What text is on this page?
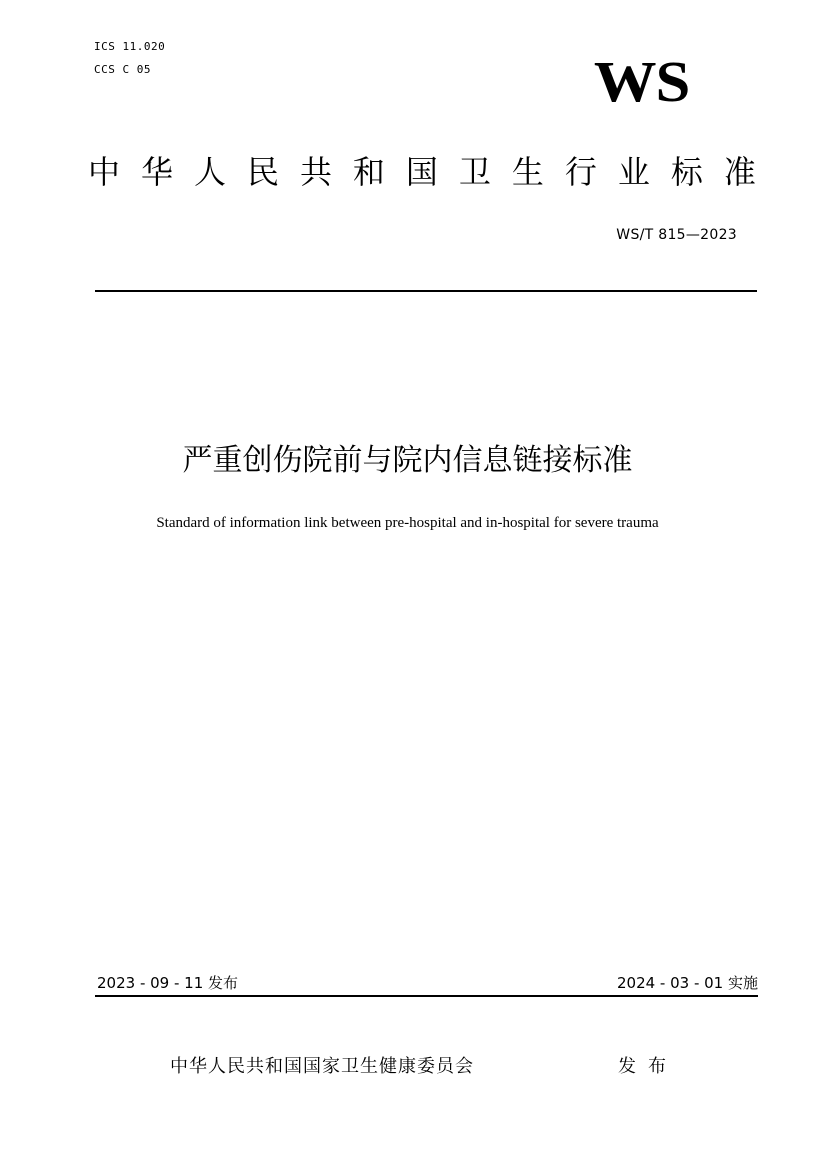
ICS 11.020
CCS C 05	WS
中 华 人 民 共 和 国 卫 生 行 业 标 准
WS/T 815—2023
严重创伤院前与院内信息链接标准
Standard of information link between pre-hospital and in-hospital for severe trauma
2023 - 09 - 11 发布	2024 - 03 - 01 实施
中华人民共和国国家卫生健康委员会	发布
